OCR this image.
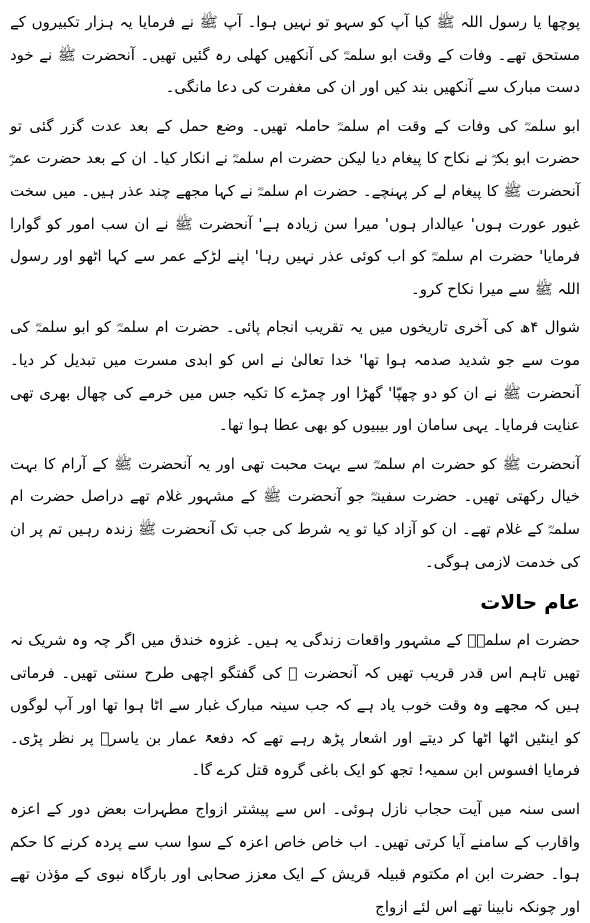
پوچھا یا رسول اللہ ﷺ کیا آپ کو سہو تو نہیں ہوا۔ آپ ﷺ نے فرمایا یہ ہزار تکبیروں کے مستحق تھے۔ وفات کے وقت ابو سلمہؓ کی آنکھیں کھلی رہ گئیں تھیں۔ آنحضرت ﷺ نے خود دست مبارک سے آنکھیں بند کیں اور ان کی مغفرت کی دعا مانگی۔

ابو سلمہؓ کی وفات کے وقت ام سلمہؓ حاملہ تھیں۔ وضع حمل کے بعد عدت گزر گئی تو حضرت ابو بکرؓ نے نکاح کا پیغام دیا لیکن حضرت ام سلمہؓ نے انکار کیا۔ ان کے بعد حضرت عمرؓ آنحضرت ﷺ کا پیغام لے کر پہنچے۔ حضرت ام سلمہؓ نے کہا مجھے چند عذر ہیں۔ میں سخت غیور عورت ہوں' عیالدار ہوں' میرا سن زیادہ ہے' آنحضرت ﷺ نے ان سب امور کو گوارا فرمایا' حضرت ام سلمہؓ کو اب کوئی عذر نہیں رہا' اپنے لڑکے عمر سے کہا اٹھو اور رسول اللہ ﷺ سے میرا نکاح کرو۔

شوال ۴ھ کی آخری تاریخوں میں یہ تقریب انجام پائی۔ حضرت ام سلمہؓ کو ابو سلمہؓ کی موت سے جو شدید صدمہ ہوا تھا' خدا تعالیٰ نے اس کو ابدی مسرت میں تبدیل کر دیا۔ آنحضرت ﷺ نے ان کو دو چھپّا' گھڑا اور چمڑے کا تکیہ جس میں خرمے کی چھال بھری تھی عنایت فرمایا۔ یہی سامان اور بیبیوں کو بھی عطا ہوا تھا۔

آنحضرت ﷺ کو حضرت ام سلمہؓ سے بہت محبت تھی اور یہ آنحضرت ﷺ کے آرام کا بہت خیال رکھتی تھیں۔ حضرت سفینہؓ جو آنحضرت ﷺ کے مشہور غلام تھے دراصل حضرت ام سلمہؓ کے غلام تھے۔ ان کو آزاد کیا تو یہ شرط کی جب تک آنحضرت ﷺ زندہ رہیں تم پر ان کی خدمت لازمی ہوگی۔

عام حالات

حضرت ام سلمہؓ کے مشہور واقعات زندگی یہ ہیں۔ غزوہ خندق میں اگر چہ وہ شریک نہ تھیں تاہم اس قدر قریب تھیں کہ آنحضرت ﷺ کی گفتگو اچھی طرح سنتی تھیں۔ فرماتی ہیں کہ مجھے وہ وقت خوب یاد ہے کہ جب سینہ مبارک غبار سے اٹا ہوا تھا اور آپ لوگوں کو اینٹیں اٹھا اٹھا کر دیتے اور اشعار پڑھ رہے تھے کہ دفعۃً عمار بن یاسرؓ پر نظر پڑی۔ فرمایا افسوس ابن سمیہ! تجھ کو ایک باغی گروہ قتل کرے گا۔

اسی سنہ میں آیت حجاب نازل ہوئی۔ اس سے پیشتر ازواج مطہرات بعض دور کے اعزہ واقارب کے سامنے آیا کرتی تھیں۔ اب خاص خاص اعزہ کے سوا سب سے پردہ کرنے کا حکم ہوا۔ حضرت ابن ام مکتوم قبیلہ قریش کے ایک معزز صحابی اور بارگاہ نبوی کے مؤذن تھے اور چونکہ نابینا تھے اس لئے ازواج
